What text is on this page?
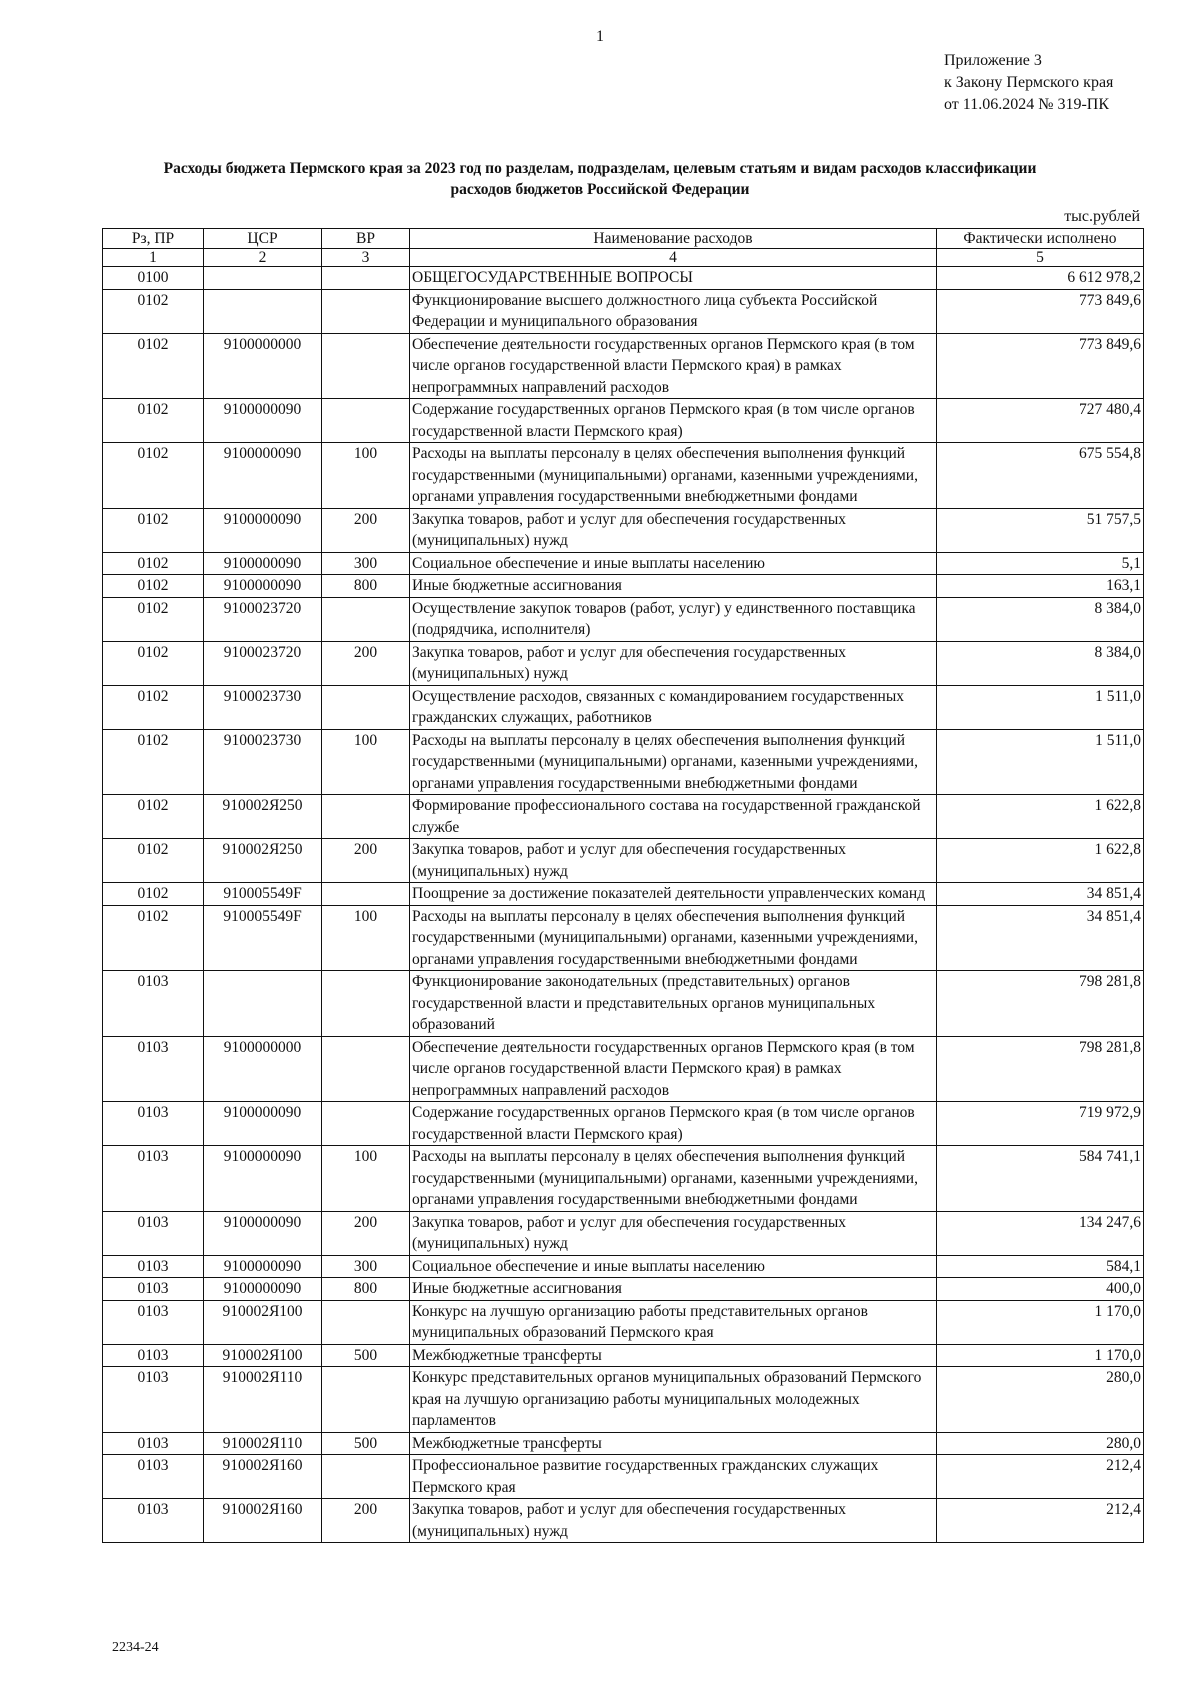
1
Приложение 3
к Закону Пермского края
от 11.06.2024 № 319-ПК
Расходы бюджета Пермского края за 2023 год по разделам, подразделам, целевым статьям и видам расходов классификации
расходов бюджетов Российской Федерации
тыс.рублей
Рз, ПР	ЦСР	ВР	Наименование расходов	Фактически исполнено
1	2	3	4	5
0100			ОБЩЕГОСУДАРСТВЕННЫЕ ВОПРОСЫ	6 612 978,2
0102			Функционирование высшего должностного лица субъекта Российской Федерации и муниципального образования	773 849,6
0102	9100000000		Обеспечение деятельности государственных органов Пермского края (в том числе органов государственной власти Пермского края) в рамках непрограммных направлений расходов	773 849,6
0102	9100000090		Содержание государственных органов Пермского края (в том числе органов государственной власти Пермского края)	727 480,4
0102	9100000090	100	Расходы на выплаты персоналу в целях обеспечения выполнения функций государственными (муниципальными) органами, казенными учреждениями, органами управления государственными внебюджетными фондами	675 554,8
0102	9100000090	200	Закупка товаров, работ и услуг для обеспечения государственных (муниципальных) нужд	51 757,5
0102	9100000090	300	Социальное обеспечение и иные выплаты населению	5,1
0102	9100000090	800	Иные бюджетные ассигнования	163,1
0102	9100023720		Осуществление закупок товаров (работ, услуг) у единственного поставщика (подрядчика, исполнителя)	8 384,0
0102	9100023720	200	Закупка товаров, работ и услуг для обеспечения государственных (муниципальных) нужд	8 384,0
0102	9100023730		Осуществление расходов, связанных с командированием государственных гражданских служащих, работников	1 511,0
0102	9100023730	100	Расходы на выплаты персоналу в целях обеспечения выполнения функций государственными (муниципальными) органами, казенными учреждениями, органами управления государственными внебюджетными фондами	1 511,0
0102	910002Я250		Формирование профессионального состава на государственной гражданской службе	1 622,8
0102	910002Я250	200	Закупка товаров, работ и услуг для обеспечения государственных (муниципальных) нужд	1 622,8
0102	910005549F		Поощрение за достижение показателей деятельности управленческих команд	34 851,4
0102	910005549F	100	Расходы на выплаты персоналу в целях обеспечения выполнения функций государственными (муниципальными) органами, казенными учреждениями, органами управления государственными внебюджетными фондами	34 851,4
0103			Функционирование законодательных (представительных) органов государственной власти и представительных органов муниципальных образований	798 281,8
0103	9100000000		Обеспечение деятельности государственных органов Пермского края (в том числе органов государственной власти Пермского края) в рамках непрограммных направлений расходов	798 281,8
0103	9100000090		Содержание государственных органов Пермского края (в том числе органов государственной власти Пермского края)	719 972,9
0103	9100000090	100	Расходы на выплаты персоналу в целях обеспечения выполнения функций государственными (муниципальными) органами, казенными учреждениями, органами управления государственными внебюджетными фондами	584 741,1
0103	9100000090	200	Закупка товаров, работ и услуг для обеспечения государственных (муниципальных) нужд	134 247,6
0103	9100000090	300	Социальное обеспечение и иные выплаты населению	584,1
0103	9100000090	800	Иные бюджетные ассигнования	400,0
0103	910002Я100		Конкурс на лучшую организацию работы представительных органов муниципальных образований Пермского края	1 170,0
0103	910002Я100	500	Межбюджетные трансферты	1 170,0
0103	910002Я110		Конкурс представительных органов муниципальных образований Пермского края на лучшую организацию работы муниципальных молодежных парламентов	280,0
0103	910002Я110	500	Межбюджетные трансферты	280,0
0103	910002Я160		Профессиональное развитие государственных гражданских служащих Пермского края	212,4
0103	910002Я160	200	Закупка товаров, работ и услуг для обеспечения государственных (муниципальных) нужд	212,4
2234-24
